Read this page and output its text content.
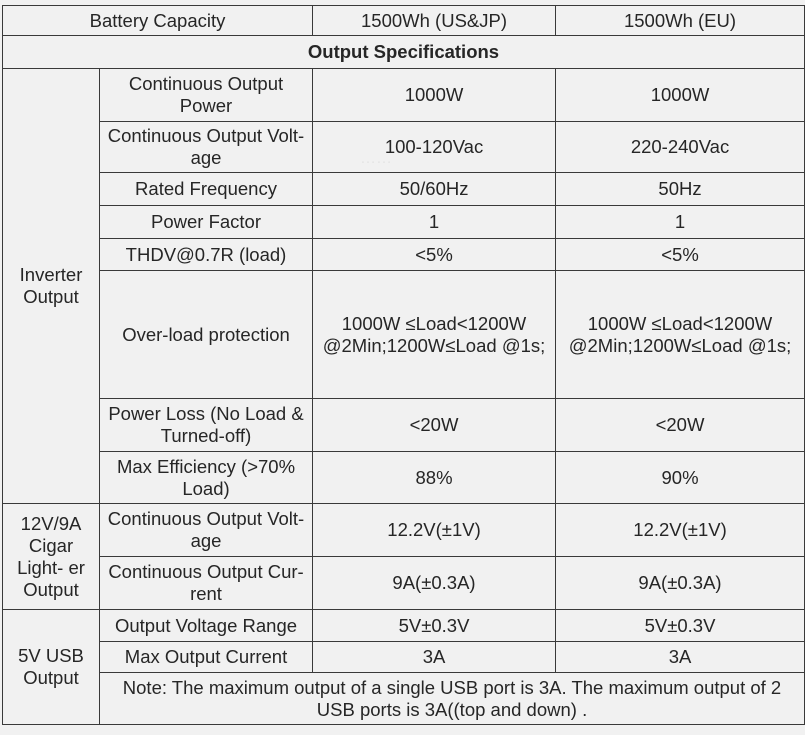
……
Battery Capacity		1500Wh (US&JP)	1500Wh (EU)
Output Specifications			
Inverter Output	Continuous Output Power	1000W	1000W
	Continuous Output Volt- age	100-120Vac	220-240Vac
	Rated Frequency	50/60Hz	50Hz
	Power Factor	1	1
	THDV@0.7R (load)	<5%	<5%
	Over-load protection	1000W ≤Load<1200W @2Min;1200W≤Load @1s;	1000W ≤Load<1200W @2Min;1200W≤Load @1s;
	Power Loss (No Load & Turned-off)	<20W	<20W
	Max Efficiency (>70% Load)	88%	90%
12V/9A Cigar Light- er Output	Continuous Output Volt- age	12.2V(±1V)	12.2V(±1V)
	Continuous Output Cur- rent	9A(±0.3A)	9A(±0.3A)
5V USB Output	Output Voltage Range	5V±0.3V	5V±0.3V
	Max Output Current	3A	3A
	Note: The maximum output of a single USB port is 3A. The maximum output of 2 USB ports is 3A((top and down) .		
